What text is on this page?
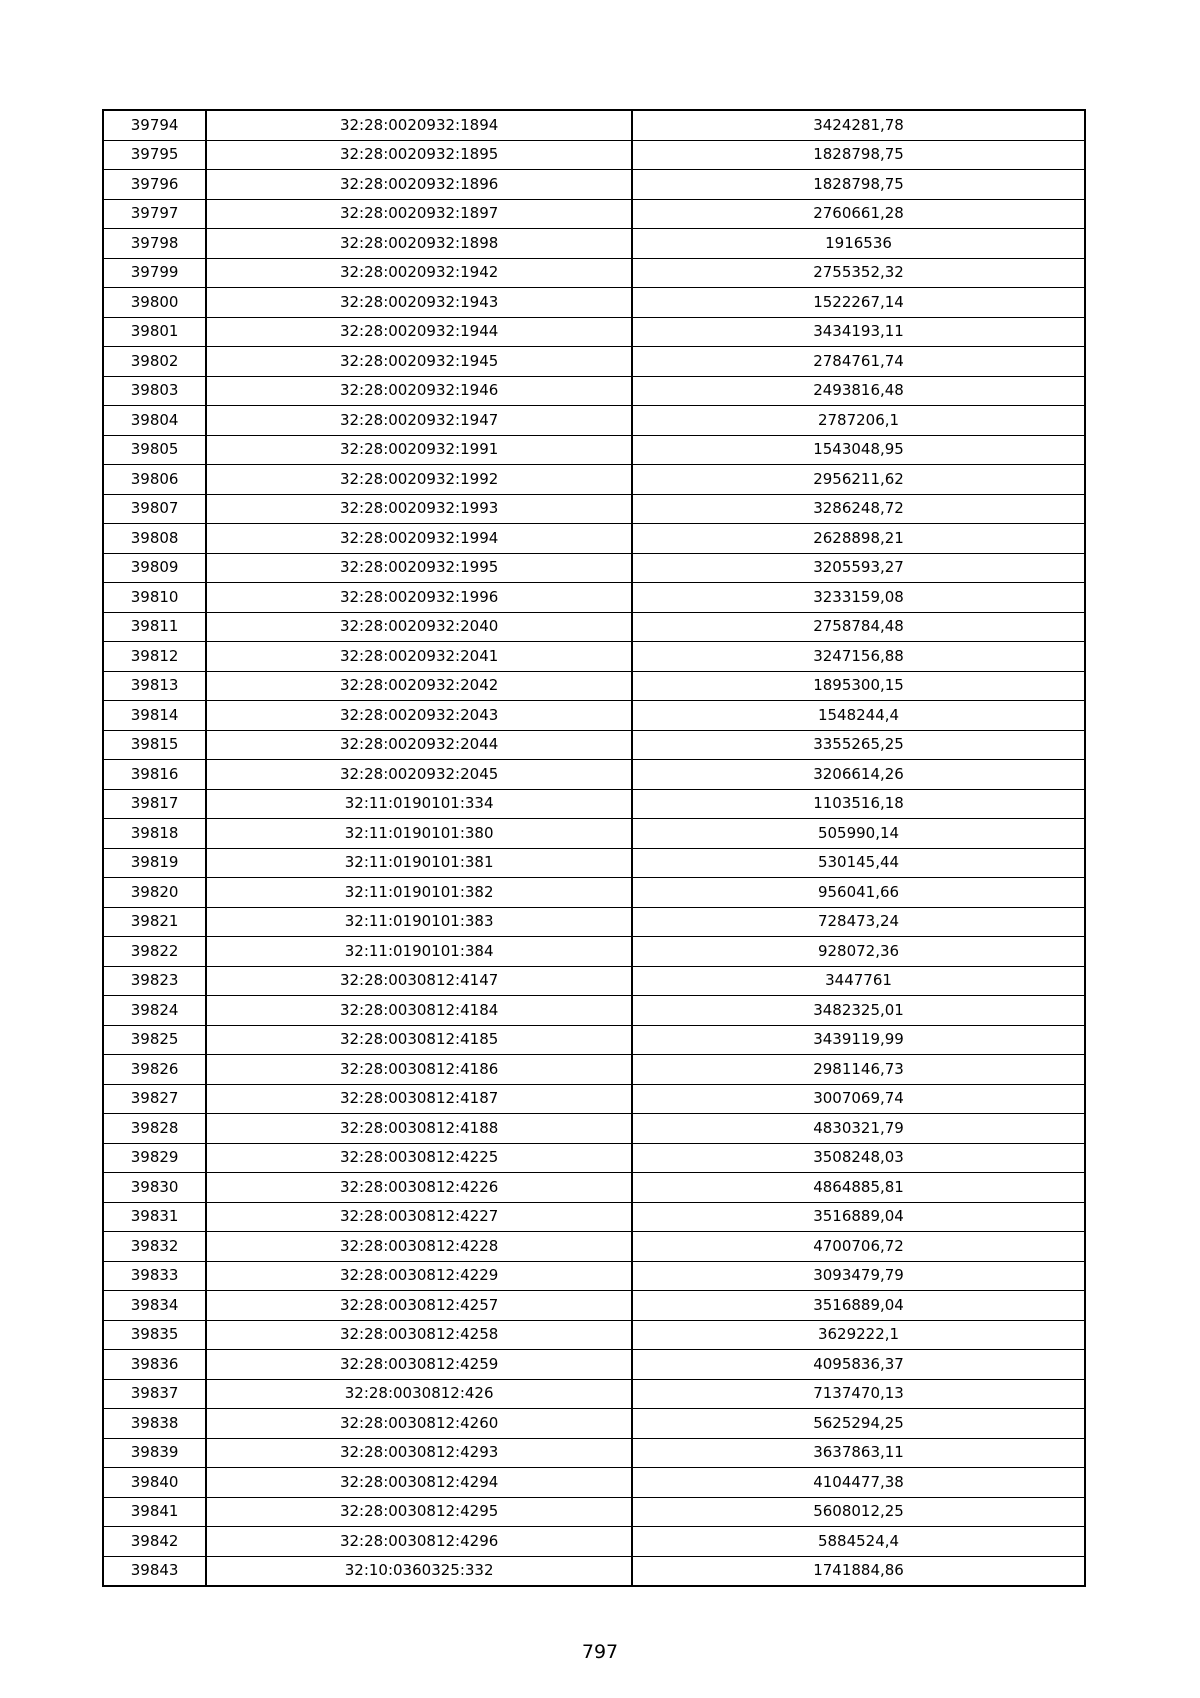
39794	32:28:0020932:1894	3424281,78
39795	32:28:0020932:1895	1828798,75
39796	32:28:0020932:1896	1828798,75
39797	32:28:0020932:1897	2760661,28
39798	32:28:0020932:1898	1916536
39799	32:28:0020932:1942	2755352,32
39800	32:28:0020932:1943	1522267,14
39801	32:28:0020932:1944	3434193,11
39802	32:28:0020932:1945	2784761,74
39803	32:28:0020932:1946	2493816,48
39804	32:28:0020932:1947	2787206,1
39805	32:28:0020932:1991	1543048,95
39806	32:28:0020932:1992	2956211,62
39807	32:28:0020932:1993	3286248,72
39808	32:28:0020932:1994	2628898,21
39809	32:28:0020932:1995	3205593,27
39810	32:28:0020932:1996	3233159,08
39811	32:28:0020932:2040	2758784,48
39812	32:28:0020932:2041	3247156,88
39813	32:28:0020932:2042	1895300,15
39814	32:28:0020932:2043	1548244,4
39815	32:28:0020932:2044	3355265,25
39816	32:28:0020932:2045	3206614,26
39817	32:11:0190101:334	1103516,18
39818	32:11:0190101:380	505990,14
39819	32:11:0190101:381	530145,44
39820	32:11:0190101:382	956041,66
39821	32:11:0190101:383	728473,24
39822	32:11:0190101:384	928072,36
39823	32:28:0030812:4147	3447761
39824	32:28:0030812:4184	3482325,01
39825	32:28:0030812:4185	3439119,99
39826	32:28:0030812:4186	2981146,73
39827	32:28:0030812:4187	3007069,74
39828	32:28:0030812:4188	4830321,79
39829	32:28:0030812:4225	3508248,03
39830	32:28:0030812:4226	4864885,81
39831	32:28:0030812:4227	3516889,04
39832	32:28:0030812:4228	4700706,72
39833	32:28:0030812:4229	3093479,79
39834	32:28:0030812:4257	3516889,04
39835	32:28:0030812:4258	3629222,1
39836	32:28:0030812:4259	4095836,37
39837	32:28:0030812:426	7137470,13
39838	32:28:0030812:4260	5625294,25
39839	32:28:0030812:4293	3637863,11
39840	32:28:0030812:4294	4104477,38
39841	32:28:0030812:4295	5608012,25
39842	32:28:0030812:4296	5884524,4
39843	32:10:0360325:332	1741884,86
797
